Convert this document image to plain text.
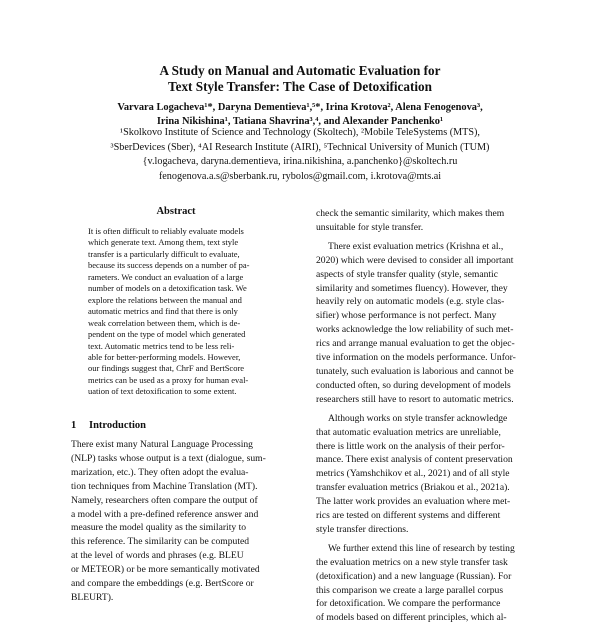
A Study on Manual and Automatic Evaluation for
Text Style Transfer: The Case of Detoxification
Varvara Logacheva¹*, Daryna Dementieva¹,⁵*, Irina Krotova², Alena Fenogenova³,
Irina Nikishina¹, Tatiana Shavrina³,⁴, and Alexander Panchenko¹
¹Skolkovo Institute of Science and Technology (Skoltech), ²Mobile TeleSystems (MTS),
³SberDevices (Sber), ⁴AI Research Institute (AIRI), ⁵Technical University of Munich (TUM)
{v.logacheva, daryna.dementieva, irina.nikishina, a.panchenko}@skoltech.ru
fenogenova.a.s@sberbank.ru, rybolos@gmail.com, i.krotova@mts.ai
Abstract
It is often difficult to reliably evaluate models
which generate text. Among them, text style
transfer is a particularly difficult to evaluate,
because its success depends on a number of pa-
rameters. We conduct an evaluation of a large
number of models on a detoxification task. We
explore the relations between the manual and
automatic metrics and find that there is only
weak correlation between them, which is de-
pendent on the type of model which generated
text. Automatic metrics tend to be less reli-
able for better-performing models. However,
our findings suggest that, ChrF and BertScore
metrics can be used as a proxy for human eval-
uation of text detoxification to some extent.
1 Introduction
There exist many Natural Language Processing
(NLP) tasks whose output is a text (dialogue, sum-
marization, etc.). They often adopt the evalua-
tion techniques from Machine Translation (MT).
Namely, researchers often compare the output of
a model with a pre-defined reference answer and
measure the model quality as the similarity to
this reference. The similarity can be computed
at the level of words and phrases (e.g. BLEU
or METEOR) or be more semantically motivated
and compare the embeddings (e.g. BertScore or
BLEURT).
check the semantic similarity, which makes them
unsuitable for style transfer.
There exist evaluation metrics (Krishna et al.,
2020) which were devised to consider all important
aspects of style transfer quality (style, semantic
similarity and sometimes fluency). However, they
heavily rely on automatic models (e.g. style clas-
sifier) whose performance is not perfect. Many
works acknowledge the low reliability of such met-
rics and arrange manual evaluation to get the objec-
tive information on the models performance. Unfor-
tunately, such evaluation is laborious and cannot be
conducted often, so during development of models
researchers still have to resort to automatic metrics.
Although works on style transfer acknowledge
that automatic evaluation metrics are unreliable,
there is little work on the analysis of their perfor-
mance. There exist analysis of content preservation
metrics (Yamshchikov et al., 2021) and of all style
transfer evaluation metrics (Briakou et al., 2021a).
The latter work provides an evaluation where met-
rics are tested on different systems and different
style transfer directions.
We further extend this line of research by testing
the evaluation metrics on a new style transfer task
(detoxification) and a new language (Russian). For
this comparison we create a large parallel corpus
for detoxification. We compare the performance
of models based on different principles, which al-
